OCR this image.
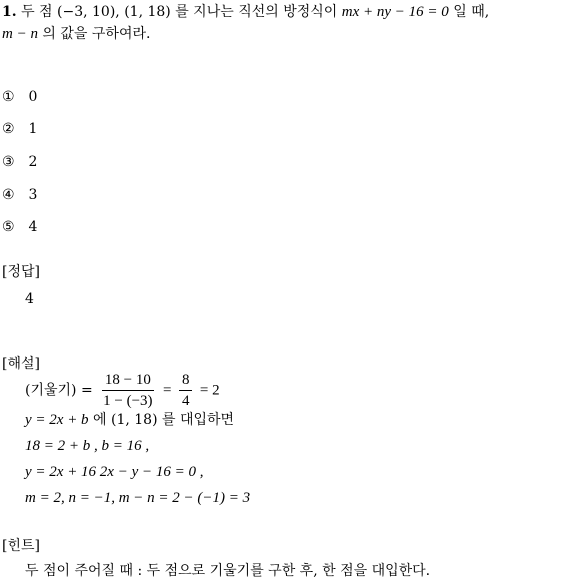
1. 두 점 (−3, 10), (1, 18) 를 지나는 직선의 방정식이 mx + ny − 16 = 0 일 때,
m − n 의 값을 구하여라.
① 0
② 1
③ 2
④ 3
⑤ 4
[정답]
4
[해설]
(기울기) = $\frac{18 - 10}{1 - (-3)} = \frac{8}{4} = 2$
y = 2x + b 에 (1, 18) 를 대입하면
18 = 2 + b , b = 16 ,
y = 2x + 16 2x − y − 16 = 0 ,
m = 2, n = −1, m − n = 2 − (−1) = 3
[힌트]
두 점이 주어질 때 : 두 점으로 기울기를 구한 후, 한 점을 대입한다.
